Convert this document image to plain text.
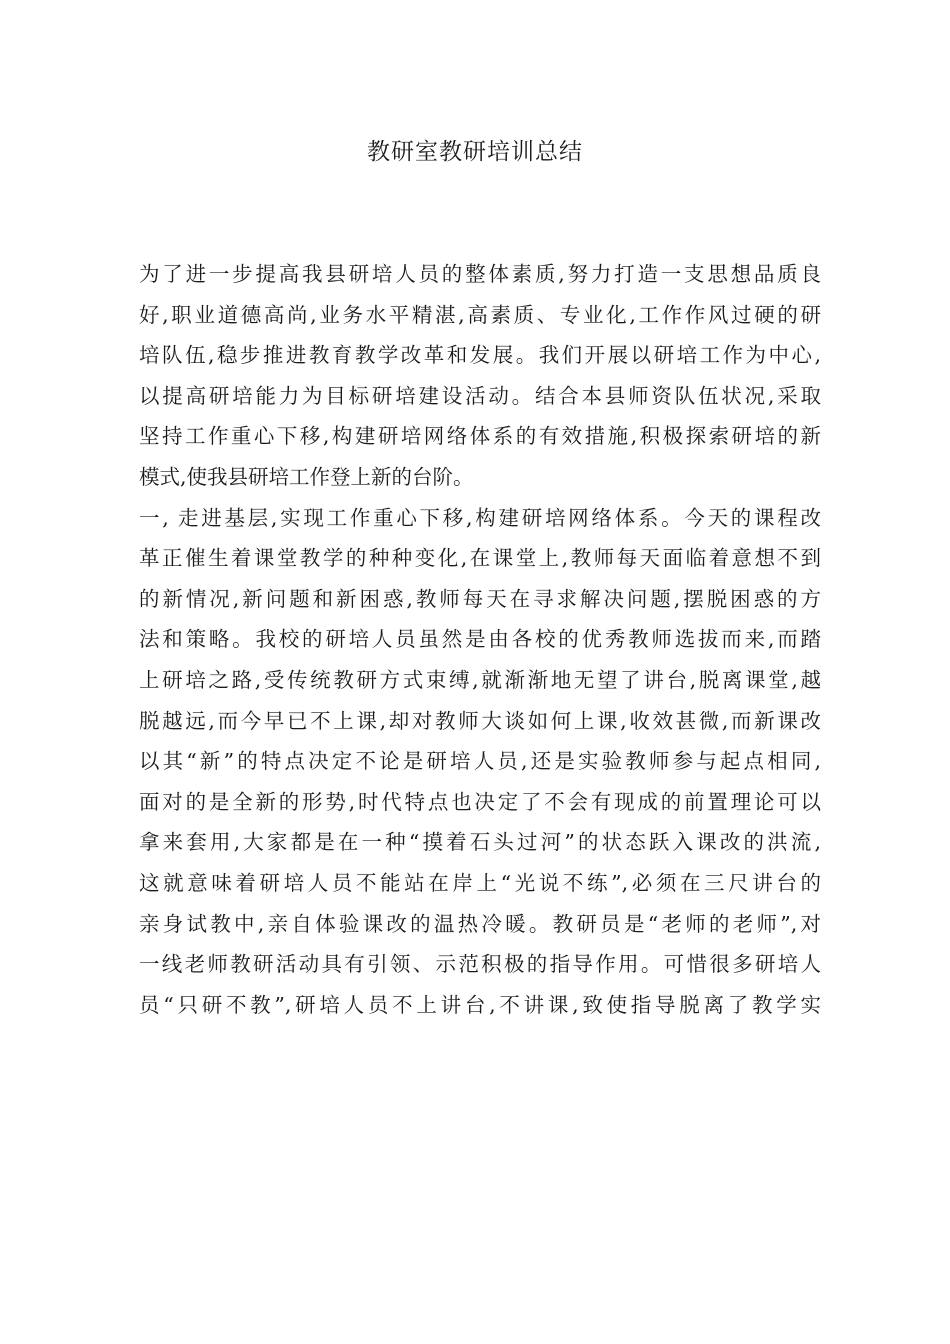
教研室教研培训总结
为了进一步提高我县研培人员的整体素质,努力打造一支思想品质良
好,职业道德高尚,业务水平精湛,高素质、专业化,工作作风过硬的研
培队伍,稳步推进教育教学改革和发展。我们开展以研培工作为中心,
以提高研培能力为目标研培建设活动。结合本县师资队伍状况,采取
坚持工作重心下移,构建研培网络体系的有效措施,积极探索研培的新
模式,使我县研培工作登上新的台阶。
一, 走进基层,实现工作重心下移,构建研培网络体系。今天的课程改
革正催生着课堂教学的种种变化,在课堂上,教师每天面临着意想不到
的新情况,新问题和新困惑,教师每天在寻求解决问题,摆脱困惑的方
法和策略。我校的研培人员虽然是由各校的优秀教师选拔而来,而踏
上研培之路,受传统教研方式束缚,就渐渐地无望了讲台,脱离课堂,越
脱越远,而今早已不上课,却对教师大谈如何上课,收效甚微,而新课改
以其“新”的特点决定不论是研培人员,还是实验教师参与起点相同,
面对的是全新的形势,时代特点也决定了不会有现成的前置理论可以
拿来套用,大家都是在一种“摸着石头过河”的状态跃入课改的洪流,
这就意味着研培人员不能站在岸上“光说不练”,必须在三尺讲台的
亲身试教中,亲自体验课改的温热冷暖。教研员是“老师的老师”,对
一线老师教研活动具有引领、示范积极的指导作用。可惜很多研培人
员“只研不教”,研培人员不上讲台,不讲课,致使指导脱离了教学实
